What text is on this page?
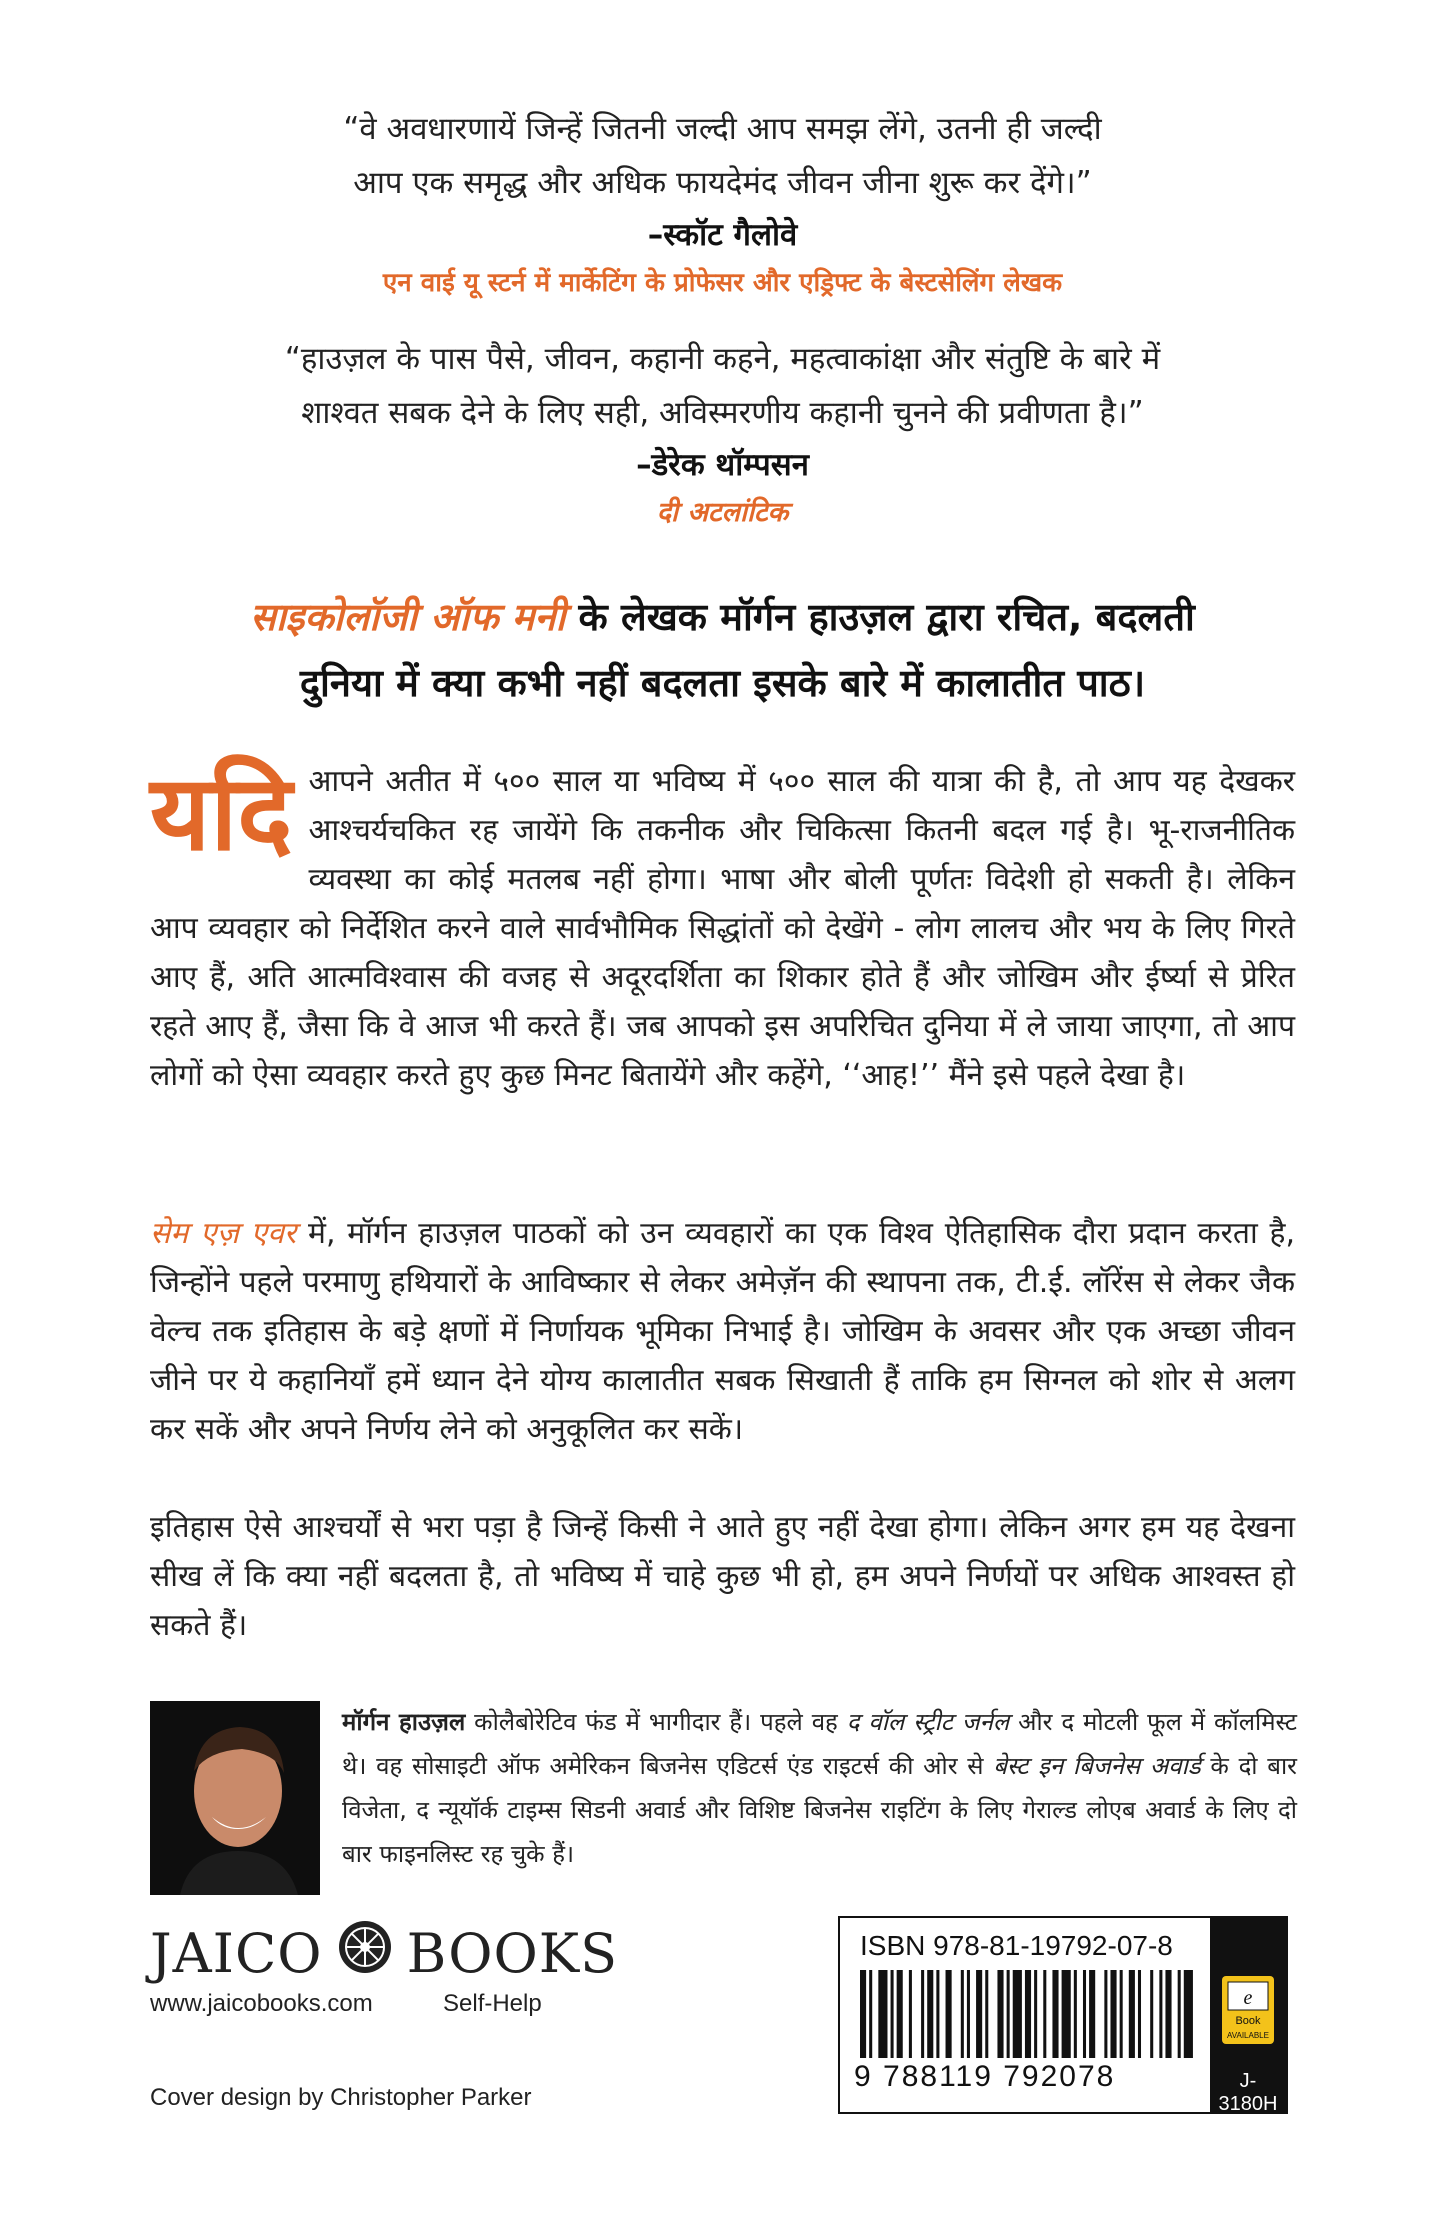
“वे अवधारणायें जिन्हें जितनी जल्दी आप समझ लेंगे, उतनी ही जल्दी
आप एक समृद्ध और अधिक फायदेमंद जीवन जीना शुरू कर देंगे।”
–स्कॉट गैलोवे
एन वाई यू स्टर्न में मार्केटिंग के प्रोफेसर और एड्रिफ्ट के बेस्टसेलिंग लेखक
“हाउज़ल के पास पैसे, जीवन, कहानी कहने, महत्वाकांक्षा और संतुष्टि के बारे में
शाश्वत सबक देने के लिए सही, अविस्मरणीय कहानी चुनने की प्रवीणता है।”
–डेरेक थॉम्पसन
दी अटलांटिक
साइकोलॉजी ऑफ मनी के लेखक मॉर्गन हाउज़ल द्वारा रचित, बदलती
दुनिया में क्या कभी नहीं बदलता इसके बारे में कालातीत पाठ।

यदि आपने अतीत में ५०० साल या भविष्य में ५०० साल की यात्रा की है, तो आप यह देखकर आश्चर्यचकित रह जायेंगे कि तकनीक और चिकित्सा कितनी बदल गई है। भू-राजनीतिक व्यवस्था का कोई मतलब नहीं होगा। भाषा और बोली पूर्णतः विदेशी हो सकती है। लेकिन आप व्यवहार को निर्देशित करने वाले सार्वभौमिक सिद्धांतों को देखेंगे - लोग लालच और भय के लिए गिरते आए हैं, अति आत्मविश्वास की वजह से अदूरदर्शिता का शिकार होते हैं और जोखिम और ईर्ष्या से प्रेरित रहते आए हैं, जैसा कि वे आज भी करते हैं। जब आपको इस अपरिचित दुनिया में ले जाया जाएगा, तो आप लोगों को ऐसा व्यवहार करते हुए कुछ मिनट बितायेंगे और कहेंगे, ‘‘आह!’’ मैंने इसे पहले देखा है।

सेम एज़ एवर में, मॉर्गन हाउज़ल पाठकों को उन व्यवहारों का एक विश्व ऐतिहासिक दौरा प्रदान करता है, जिन्होंने पहले परमाणु हथियारों के आविष्कार से लेकर अमेज़ॅन की स्थापना तक, टी.ई. लॉरेंस से लेकर जैक वेल्च तक इतिहास के बड़े क्षणों में निर्णायक भूमिका निभाई है। जोखिम के अवसर और एक अच्छा जीवन जीने पर ये कहानियाँ हमें ध्यान देने योग्य कालातीत सबक सिखाती हैं ताकि हम सिग्नल को शोर से अलग कर सकें और अपने निर्णय लेने को अनुकूलित कर सकें।

इतिहास ऐसे आश्चर्यों से भरा पड़ा है जिन्हें किसी ने आते हुए नहीं देखा होगा। लेकिन अगर हम यह देखना सीख लें कि क्या नहीं बदलता है, तो भविष्य में चाहे कुछ भी हो, हम अपने निर्णयों पर अधिक आश्वस्त हो सकते हैं।

मॉर्गन हाउज़ल कोलैबोरेटिव फंड में भागीदार हैं। पहले वह द वॉल स्ट्रीट जर्नल और द मोटली फूल में कॉलमिस्ट थे। वह सोसाइटी ऑफ अमेरिकन बिजनेस एडिटर्स एंड राइटर्स की ओर से बेस्ट इन बिजनेस अवार्ड के दो बार विजेता, द न्यूयॉर्क टाइम्स सिडनी अवार्ड और विशिष्ट बिजनेस राइटिंग के लिए गेराल्ड लोएब अवार्ड के लिए दो बार फाइनलिस्ट रह चुके हैं।

JAICO BOOKS
www.jaicobooks.com	Self-Help
Cover design by Christopher Parker
ISBN 978-81-19792-07-8
9 788119 792078
e
Book
AVAILABLE
J-3180H
